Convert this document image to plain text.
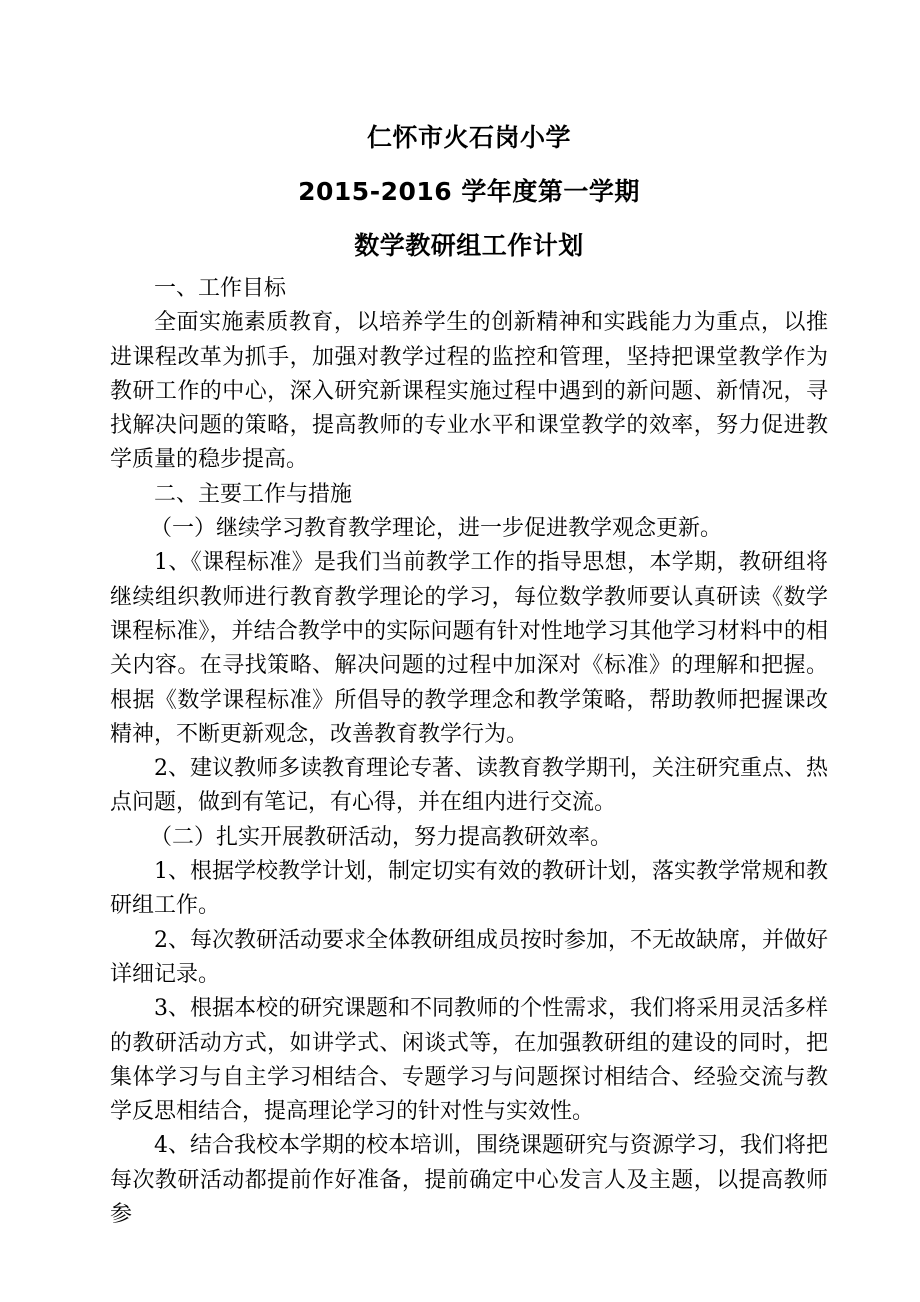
仁怀市火石岗小学
2015-2016 学年度第一学期
数学教研组工作计划

一、工作目标

全面实施素质教育，以培养学生的创新精神和实践能力为重点，以推进课程改革为抓手，加强对教学过程的监控和管理，坚持把课堂教学作为教研工作的中心，深入研究新课程实施过程中遇到的新问题、新情况，寻找解决问题的策略，提高教师的专业水平和课堂教学的效率，努力促进教学质量的稳步提高。

二、主要工作与措施

（一）继续学习教育教学理论，进一步促进教学观念更新。

1、《课程标准》是我们当前教学工作的指导思想，本学期，教研组将继续组织教师进行教育教学理论的学习，每位数学教师要认真研读《数学课程标准》，并结合教学中的实际问题有针对性地学习其他学习材料中的相关内容。在寻找策略、解决问题的过程中加深对《标准》的理解和把握。根据《数学课程标准》所倡导的教学理念和教学策略，帮助教师把握课改精神，不断更新观念，改善教育教学行为。

2、建议教师多读教育理论专著、读教育教学期刊，关注研究重点、热点问题，做到有笔记，有心得，并在组内进行交流。

（二）扎实开展教研活动，努力提高教研效率。

1、根据学校教学计划，制定切实有效的教研计划，落实教学常规和教研组工作。

2、每次教研活动要求全体教研组成员按时参加，不无故缺席，并做好详细记录。

3、根据本校的研究课题和不同教师的个性需求，我们将采用灵活多样的教研活动方式，如讲学式、闲谈式等，在加强教研组的建设的同时，把集体学习与自主学习相结合、专题学习与问题探讨相结合、经验交流与教学反思相结合，提高理论学习的针对性与实效性。

4、结合我校本学期的校本培训，围绕课题研究与资源学习，我们将把每次教研活动都提前作好准备，提前确定中心发言人及主题，以提高教师参
